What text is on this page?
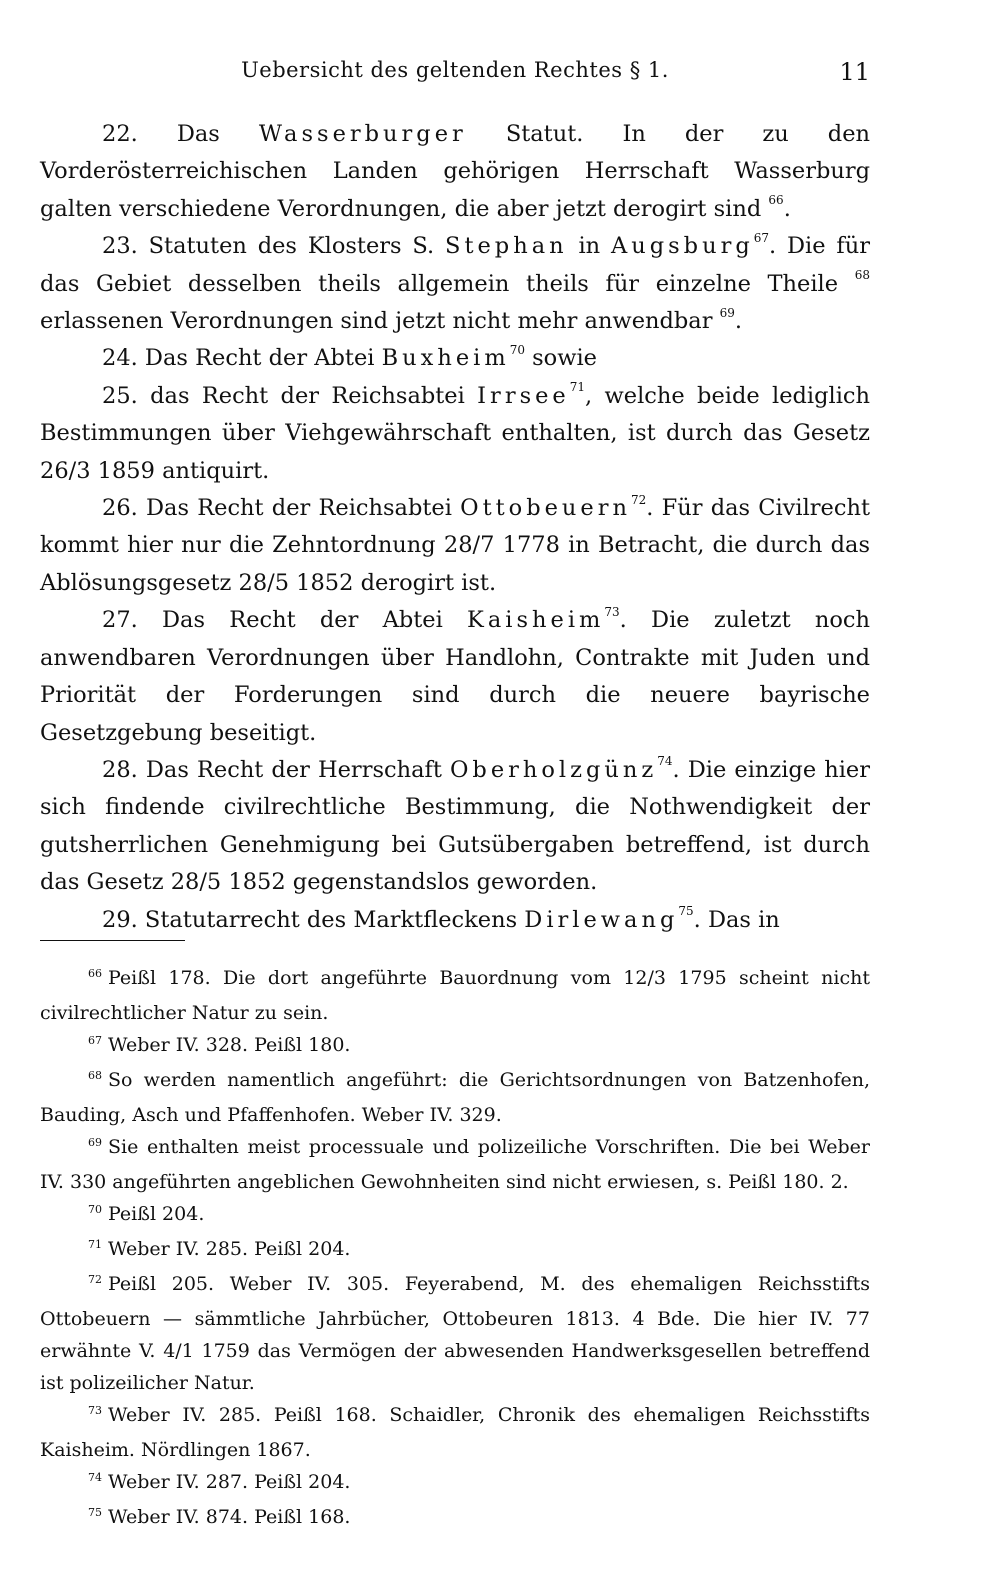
Uebersicht des geltenden Rechtes § 1.	11

22. Das Wasserburger Statut. In der zu den Vorderösterreichischen Landen gehörigen Herrschaft Wasserburg galten verschiedene Verordnungen, die aber jetzt derogirt sind $^{66}$.

23. Statuten des Klosters S. Stephan in Augsburg$^{67}$. Die für das Gebiet desselben theils allgemein theils für einzelne Theile $^{68}$ erlassenen Verordnungen sind jetzt nicht mehr anwendbar $^{69}$.

24. Das Recht der Abtei Buxheim$^{70}$ sowie

25. das Recht der Reichsabtei Irrsee$^{71}$, welche beide lediglich Bestimmungen über Viehgewährschaft enthalten, ist durch das Gesetz 26/3 1859 antiquirt.

26. Das Recht der Reichsabtei Ottobeuern$^{72}$. Für das Civilrecht kommt hier nur die Zehntordnung 28/7 1778 in Betracht, die durch das Ablösungsgesetz 28/5 1852 derogirt ist.

27. Das Recht der Abtei Kaisheim$^{73}$. Die zuletzt noch anwendbaren Verordnungen über Handlohn, Contrakte mit Juden und Priorität der Forderungen sind durch die neuere bayrische Gesetzgebung beseitigt.

28. Das Recht der Herrschaft Oberholzgünz$^{74}$. Die einzige hier sich findende civilrechtliche Bestimmung, die Nothwendigkeit der gutsherrlichen Genehmigung bei Gutsübergaben betreffend, ist durch das Gesetz 28/5 1852 gegenstandslos geworden.

29. Statutarrecht des Marktfleckens Dirlewang$^{75}$. Das in

$^{66}$ Peißl 178. Die dort angeführte Bauordnung vom 12/3 1795 scheint nicht civilrechtlicher Natur zu sein.

$^{67}$ Weber IV. 328. Peißl 180.

$^{68}$ So werden namentlich angeführt: die Gerichtsordnungen von Batzenhofen, Bauding, Asch und Pfaffenhofen. Weber IV. 329.

$^{69}$ Sie enthalten meist processuale und polizeiliche Vorschriften. Die bei Weber IV. 330 angeführten angeblichen Gewohnheiten sind nicht erwiesen, s. Peißl 180. 2.

$^{70}$ Peißl 204.

$^{71}$ Weber IV. 285. Peißl 204.

$^{72}$ Peißl 205. Weber IV. 305. Feyerabend, M. des ehemaligen Reichsstifts Ottobeuern — sämmtliche Jahrbücher, Ottobeuren 1813. 4 Bde. Die hier IV. 77 erwähnte V. 4/1 1759 das Vermögen der abwesenden Handwerksgesellen betreffend ist polizeilicher Natur.

$^{73}$ Weber IV. 285. Peißl 168. Schaidler, Chronik des ehemaligen Reichsstifts Kaisheim. Nördlingen 1867.

$^{74}$ Weber IV. 287. Peißl 204.

$^{75}$ Weber IV. 874. Peißl 168.
